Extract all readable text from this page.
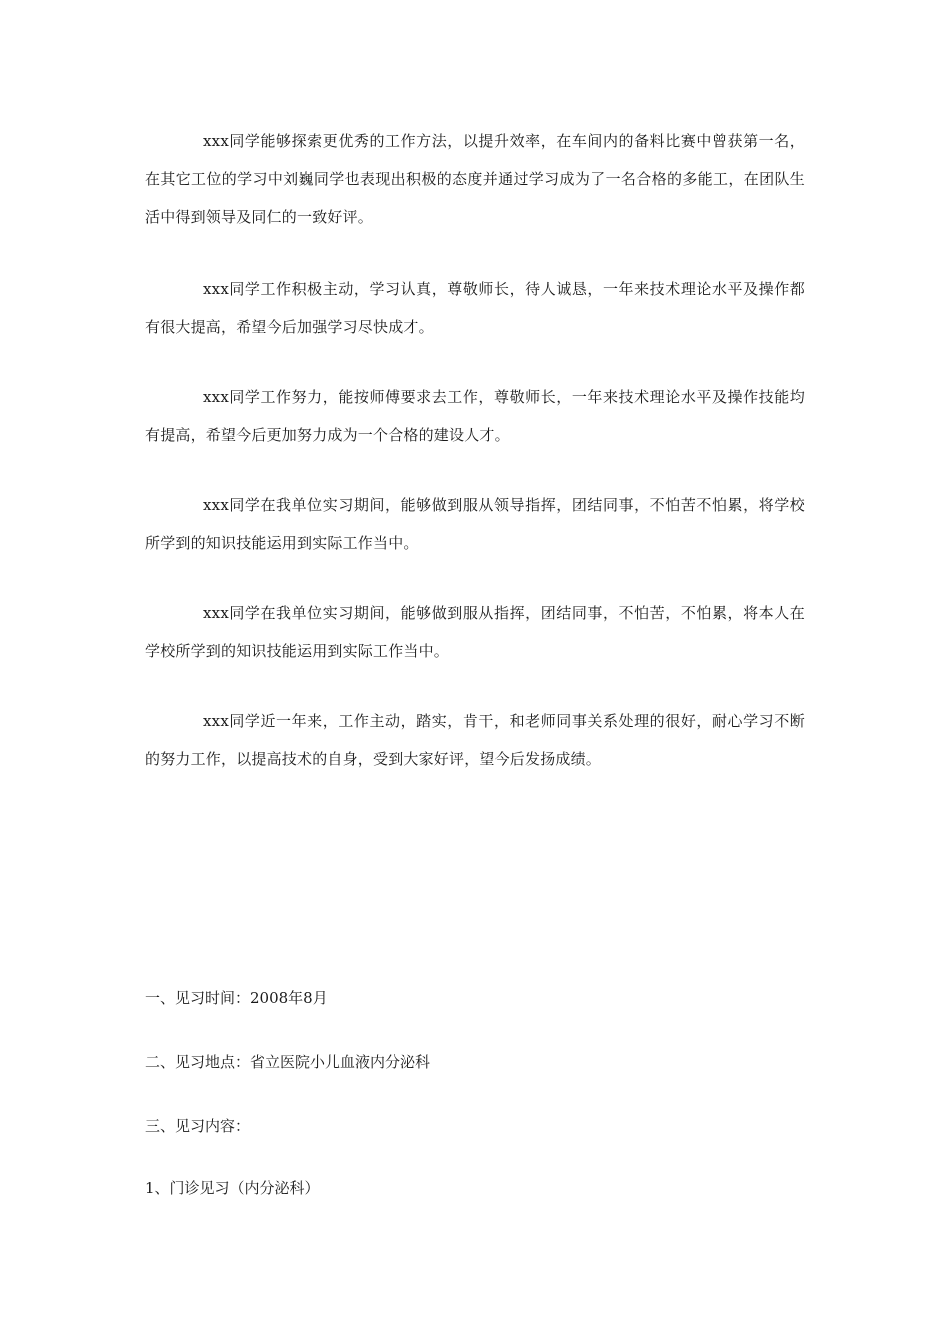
xxx同学能够探索更优秀的工作方法，以提升效率，在车间内的备料比赛中曾获第一名，在其它工位的学习中刘巍同学也表现出积极的态度并通过学习成为了一名合格的多能工，在团队生活中得到领导及同仁的一致好评。

xxx同学工作积极主动，学习认真，尊敬师长，待人诚恳，一年来技术理论水平及操作都有很大提高，希望今后加强学习尽快成才。

xxx同学工作努力，能按师傅要求去工作，尊敬师长，一年来技术理论水平及操作技能均有提高，希望今后更加努力成为一个合格的建设人才。

xxx同学在我单位实习期间，能够做到服从领导指挥，团结同事，不怕苦不怕累，将学校所学到的知识技能运用到实际工作当中。

xxx同学在我单位实习期间，能够做到服从指挥，团结同事，不怕苦，不怕累，将本人在学校所学到的知识技能运用到实际工作当中。

xxx同学近一年来，工作主动，踏实，肯干，和老师同事关系处理的很好，耐心学习不断的努力工作，以提高技术的自身，受到大家好评，望今后发扬成绩。

一、见习时间：2008年8月

二、见习地点：省立医院小儿血液内分泌科

三、见习内容：

1、门诊见习（内分泌科）
